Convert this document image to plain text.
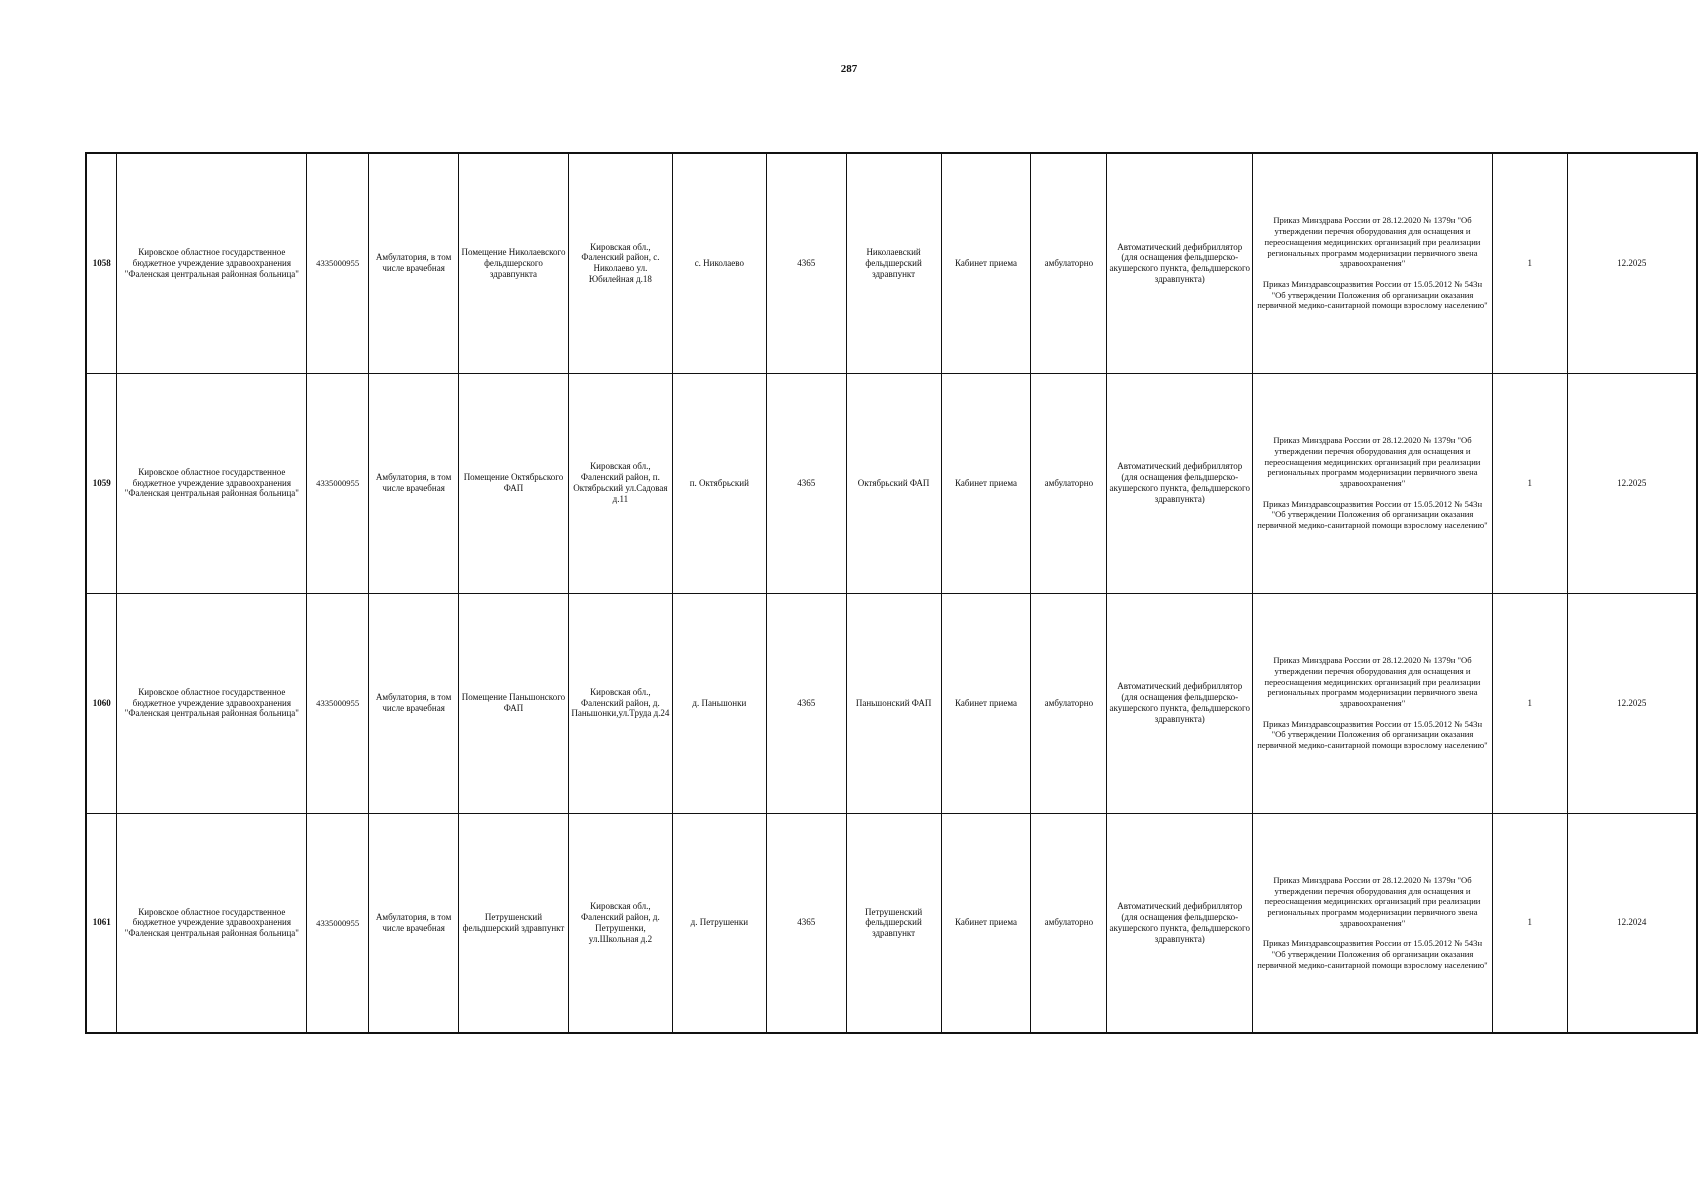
287
1058	Кировское областное государственное бюджетное учреждение здравоохранения "Фаленская центральная районная больница"	4335000955	Амбулатория, в том числе врачебная	Помещение Николаевского фельдшерского здравпункта	Кировская обл., Фаленский район, с. Николаево ул. Юбилейная д.18	с. Николаево	4365	Николаевский фельдшерский здравпункт	Кабинет приема	амбулаторно	Автоматический дефибриллятор (для оснащения фельдшерско-акушерского пункта, фельдшерского здравпункта)	Приказ Минздрава России от 28.12.2020 № 1379н "Об утверждении перечня оборудования для оснащения и переоснащения медицинских организаций при реализации региональных программ модернизации первичного звена здравоохранения"
Приказ Минздравсоцразвития России от 15.05.2012 № 543н "Об утверждении Положения об организации оказания первичной медико-санитарной помощи взрослому населению"	1	12.2025
1059	Кировское областное государственное бюджетное учреждение здравоохранения "Фаленская центральная районная больница"	4335000955	Амбулатория, в том числе врачебная	Помещение Октябрьского ФАП	Кировская обл., Фаленский район, п. Октябрьский ул.Садовая д.11	п. Октябрьский	4365	Октябрьский ФАП	Кабинет приема	амбулаторно	Автоматический дефибриллятор (для оснащения фельдшерско-акушерского пункта, фельдшерского здравпункта)	Приказ Минздрава России от 28.12.2020 № 1379н "Об утверждении перечня оборудования для оснащения и переоснащения медицинских организаций при реализации региональных программ модернизации первичного звена здравоохранения"
Приказ Минздравсоцразвития России от 15.05.2012 № 543н "Об утверждении Положения об организации оказания первичной медико-санитарной помощи взрослому населению"	1	12.2025
1060	Кировское областное государственное бюджетное учреждение здравоохранения "Фаленская центральная районная больница"	4335000955	Амбулатория, в том числе врачебная	Помещение Паньшонского ФАП	Кировская обл., Фаленский район, д. Паньшонки,ул.Труда д.24	д. Паньшонки	4365	Паньшонский ФАП	Кабинет приема	амбулаторно	Автоматический дефибриллятор (для оснащения фельдшерско-акушерского пункта, фельдшерского здравпункта)	Приказ Минздрава России от 28.12.2020 № 1379н "Об утверждении перечня оборудования для оснащения и переоснащения медицинских организаций при реализации региональных программ модернизации первичного звена здравоохранения"
Приказ Минздравсоцразвития России от 15.05.2012 № 543н "Об утверждении Положения об организации оказания первичной медико-санитарной помощи взрослому населению"	1	12.2025
1061	Кировское областное государственное бюджетное учреждение здравоохранения "Фаленская центральная районная больница"	4335000955	Амбулатория, в том числе врачебная	Петрушенский фельдшерский здравпункт	Кировская обл., Фаленский район, д. Петрушенки, ул.Школьная д.2	д. Петрушенки	4365	Петрушенский фельдшерский здравпункт	Кабинет приема	амбулаторно	Автоматический дефибриллятор (для оснащения фельдшерско-акушерского пункта, фельдшерского здравпункта)	Приказ Минздрава России от 28.12.2020 № 1379н "Об утверждении перечня оборудования для оснащения и переоснащения медицинских организаций при реализации региональных программ модернизации первичного звена здравоохранения"
Приказ Минздравсоцразвития России от 15.05.2012 № 543н "Об утверждении Положения об организации оказания первичной медико-санитарной помощи взрослому населению"	1	12.2024
